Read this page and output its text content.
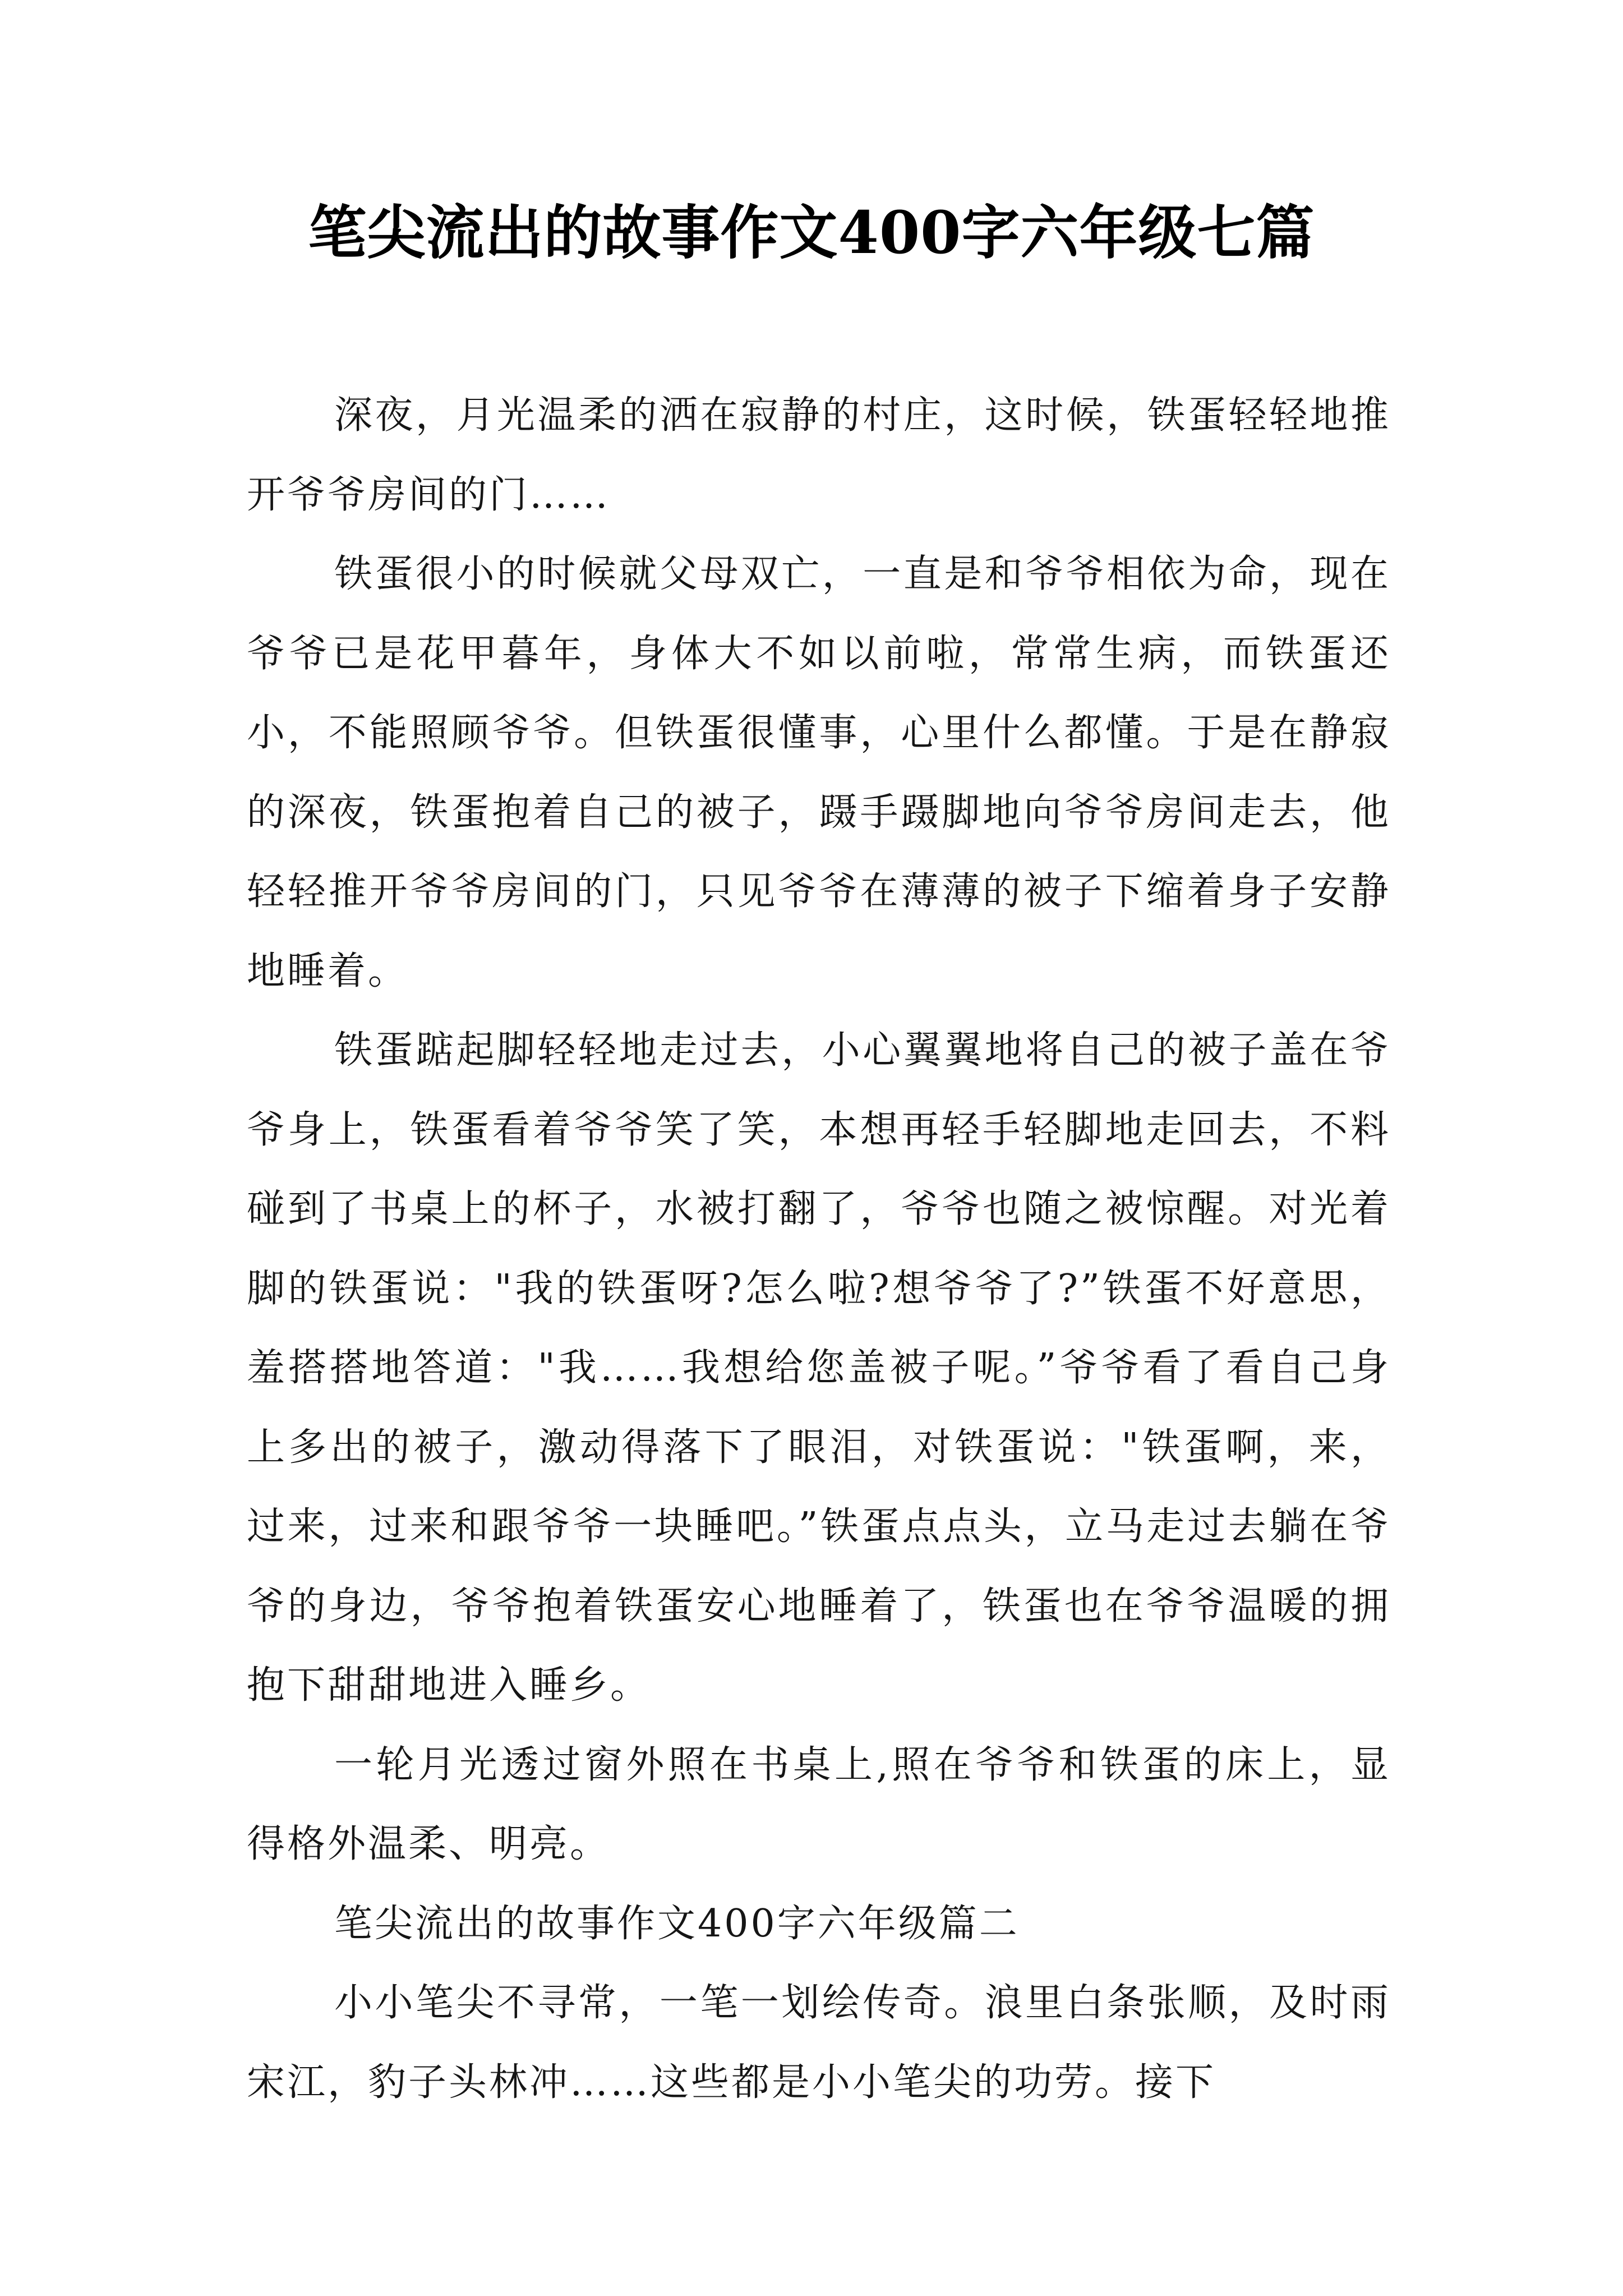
笔尖流出的故事作文400字六年级七篇

深夜，月光温柔的洒在寂静的村庄，这时候，铁蛋轻轻地推开爷爷房间的门……

铁蛋很小的时候就父母双亡，一直是和爷爷相依为命，现在爷爷已是花甲暮年，身体大不如以前啦，常常生病，而铁蛋还小，不能照顾爷爷。但铁蛋很懂事，心里什么都懂。于是在静寂的深夜，铁蛋抱着自己的被子，蹑手蹑脚地向爷爷房间走去，他轻轻推开爷爷房间的门，只见爷爷在薄薄的被子下缩着身子安静地睡着。

铁蛋踮起脚轻轻地走过去，小心翼翼地将自己的被子盖在爷爷身上，铁蛋看着爷爷笑了笑，本想再轻手轻脚地走回去，不料碰到了书桌上的杯子，水被打翻了，爷爷也随之被惊醒。对光着脚的铁蛋说："我的铁蛋呀?怎么啦?想爷爷了?”铁蛋不好意思，羞搭搭地答道："我……我想给您盖被子呢。”爷爷看了看自己身上多出的被子，激动得落下了眼泪，对铁蛋说："铁蛋啊，来，过来，过来和跟爷爷一块睡吧。”铁蛋点点头，立马走过去躺在爷爷的身边，爷爷抱着铁蛋安心地睡着了，铁蛋也在爷爷温暖的拥抱下甜甜地进入睡乡。

一轮月光透过窗外照在书桌上,照在爷爷和铁蛋的床上，显得格外温柔、明亮。

笔尖流出的故事作文400字六年级篇二

小小笔尖不寻常，一笔一划绘传奇。浪里白条张顺，及时雨宋江，豹子头林冲……这些都是小小笔尖的功劳。接下
